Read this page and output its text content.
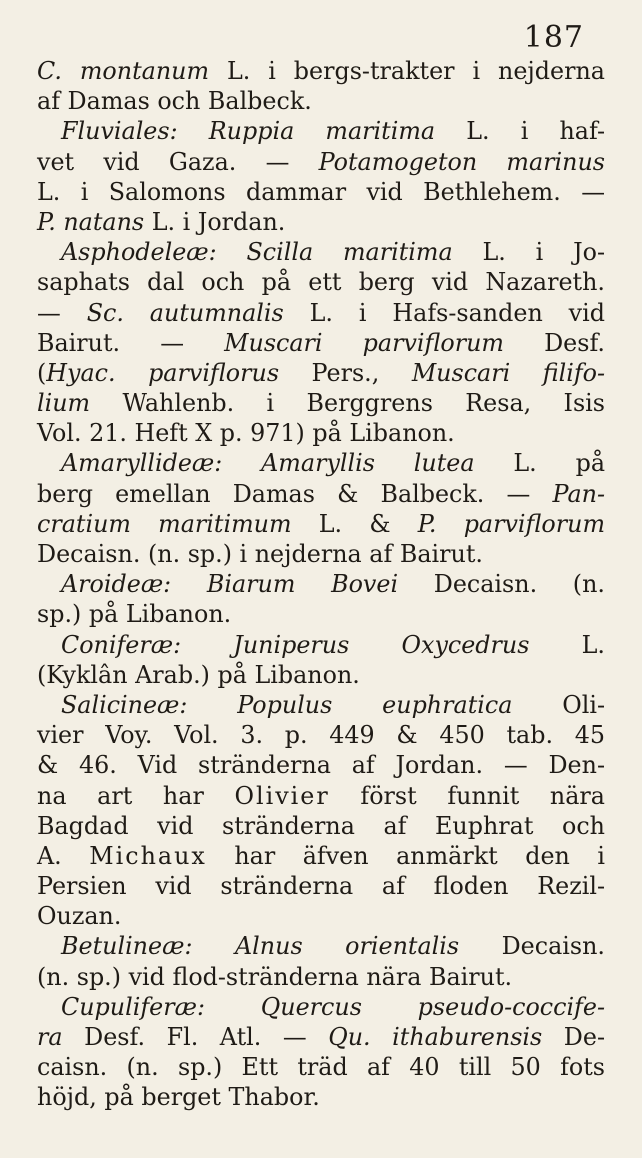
187
C. montanum L. i bergs-trakter i nejderna
af Damas och Balbeck.
Fluviales: Ruppia maritima L. i haf-
vet vid Gaza. — Potamogeton marinus
L. i Salomons dammar vid Bethlehem. —
P. natans L. i Jordan.
Asphodeleæ: Scilla maritima L. i Jo-
saphats dal och på ett berg vid Nazareth.
— Sc. autumnalis L. i Hafs-sanden vid
Bairut. — Muscari parviflorum Desf.
(Hyac. parviflorus Pers., Muscari filifo-
lium Wahlenb. i Berggrens Resa, Isis
Vol. 21. Heft X p. 971) på Libanon.
Amaryllideæ: Amaryllis lutea L. på
berg emellan Damas & Balbeck. — Pan-
cratium maritimum L. & P. parviflorum
Decaisn. (n. sp.) i nejderna af Bairut.
Aroideæ: Biarum Bovei Decaisn. (n.
sp.) på Libanon.
Coniferæ: Juniperus Oxycedrus L.
(Kyklân Arab.) på Libanon.
Salicineæ: Populus euphratica Oli-
vier Voy. Vol. 3. p. 449 & 450 tab. 45
& 46. Vid stränderna af Jordan. — Den-
na art har Olivier först funnit nära
Bagdad vid stränderna af Euphrat och
A. Michaux har äfven anmärkt den i
Persien vid stränderna af floden Rezil-
Ouzan.
Betulineæ: Alnus orientalis Decaisn.
(n. sp.) vid flod-stränderna nära Bairut.
Cupuliferæ: Quercus pseudo-coccife-
ra Desf. Fl. Atl. — Qu. ithaburensis De-
caisn. (n. sp.) Ett träd af 40 till 50 fots
höjd, på berget Thabor.
